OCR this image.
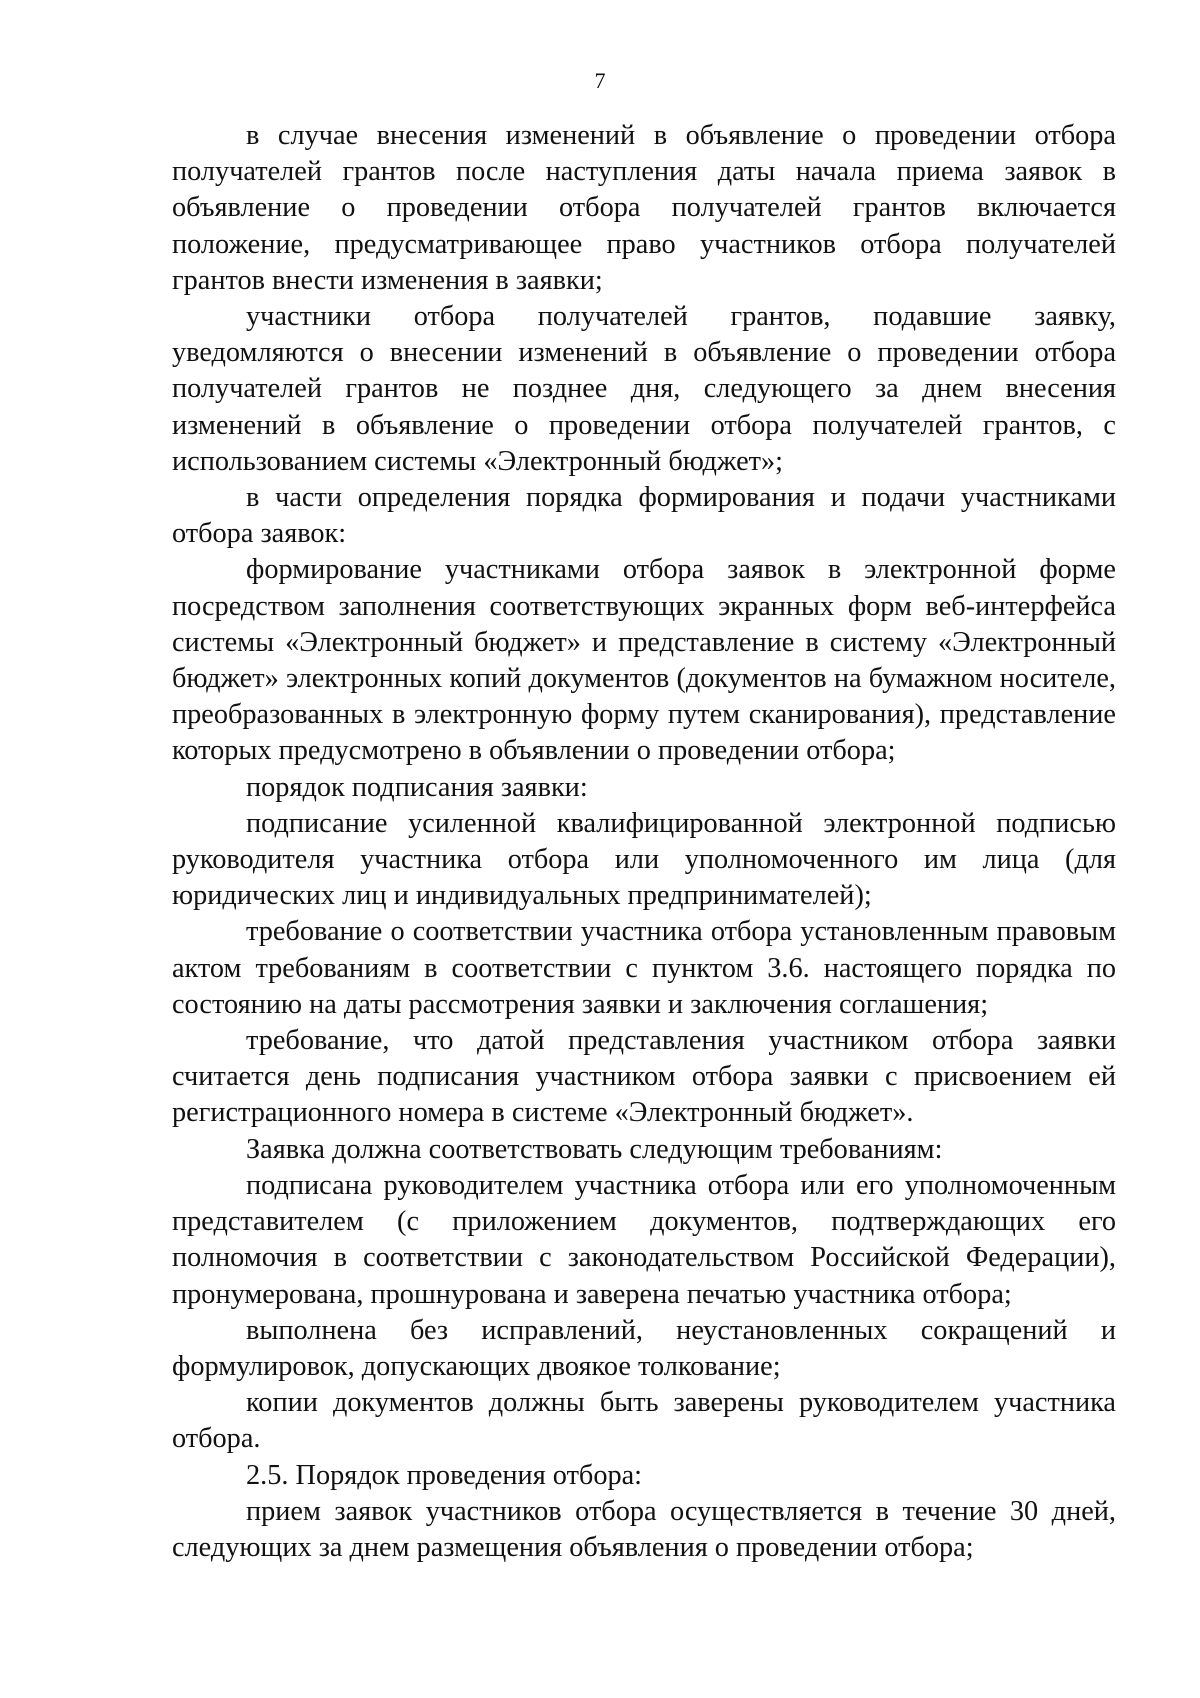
7

в случае внесения изменений в объявление о проведении отбора получателей грантов после наступления даты начала приема заявок в объявление о проведении отбора получателей грантов включается положение, предусматривающее право участников отбора получателей грантов внести изменения в заявки;

участники отбора получателей грантов, подавшие заявку, уведомляются о внесении изменений в объявление о проведении отбора получателей грантов не позднее дня, следующего за днем внесения изменений в объявление о проведении отбора получателей грантов, с использованием системы «Электронный бюджет»;

в части определения порядка формирования и подачи участниками отбора заявок:

формирование участниками отбора заявок в электронной форме посредством заполнения соответствующих экранных форм веб-интерфейса системы «Электронный бюджет» и представление в систему «Электронный бюджет» электронных копий документов (документов на бумажном носителе, преобразованных в электронную форму путем сканирования), представление которых предусмотрено в объявлении о проведении отбора;

порядок подписания заявки:

подписание усиленной квалифицированной электронной подписью руководителя участника отбора или уполномоченного им лица (для юридических лиц и индивидуальных предпринимателей);

требование о соответствии участника отбора установленным правовым актом требованиям в соответствии с пунктом 3.6. настоящего порядка по состоянию на даты рассмотрения заявки и заключения соглашения;

требование, что датой представления участником отбора заявки считается день подписания участником отбора заявки с присвоением ей регистрационного номера в системе «Электронный бюджет».

Заявка должна соответствовать следующим требованиям:

подписана руководителем участника отбора или его уполномоченным представителем (с приложением документов, подтверждающих его полномочия в соответствии с законодательством Российской Федерации), пронумерована, прошнурована и заверена печатью участника отбора;

выполнена без исправлений, неустановленных сокращений и формулировок, допускающих двоякое толкование;

копии документов должны быть заверены руководителем участника отбора.

2.5. Порядок проведения отбора:

прием заявок участников отбора осуществляется в течение 30 дней, следующих за днем размещения объявления о проведении отбора;
